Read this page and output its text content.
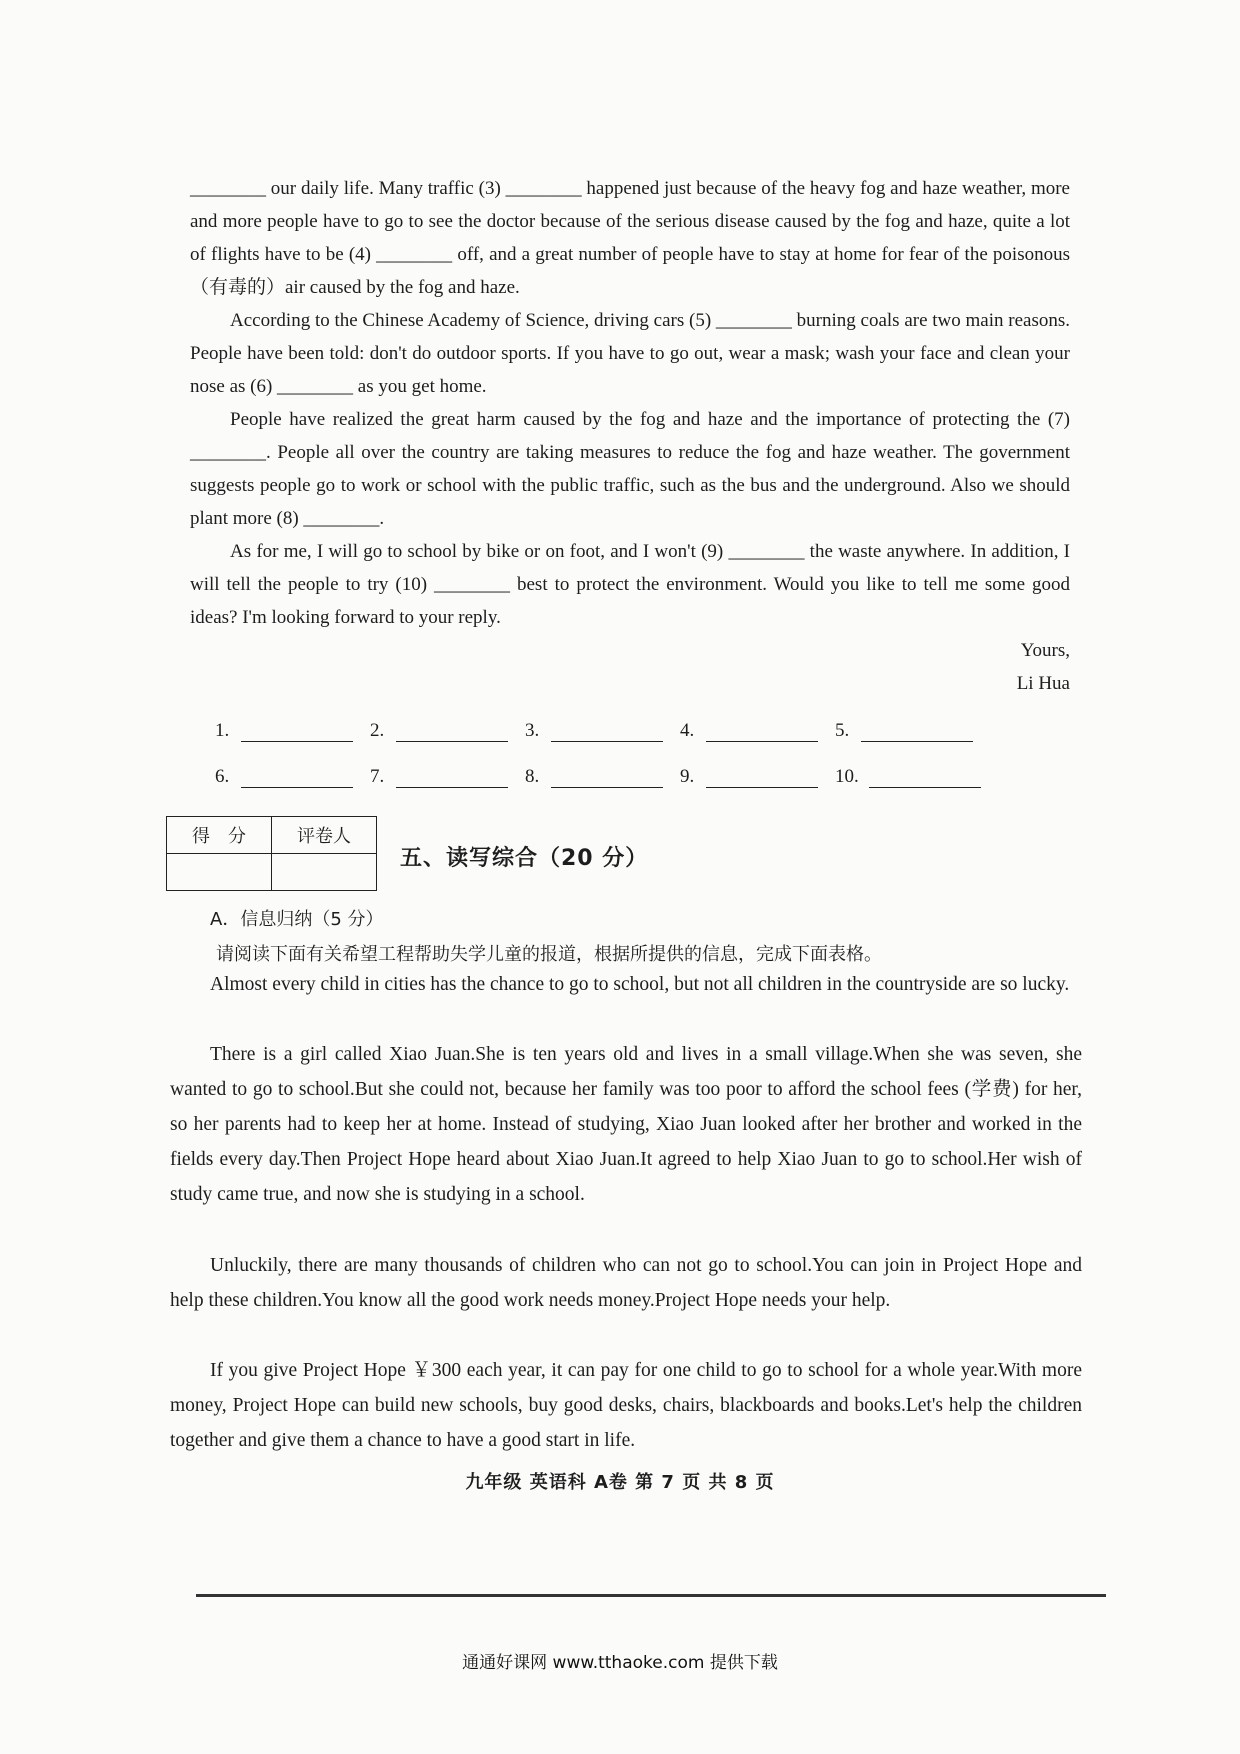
________ our daily life. Many traffic (3) ________ happened just because of the heavy fog and haze weather, more and more people have to go to see the doctor because of the serious disease caused by the fog and haze, quite a lot of flights have to be (4) ________ off, and a great number of people have to stay at home for fear of the poisonous（有毒的）air caused by the fog and haze.

According to the Chinese Academy of Science, driving cars (5) ________ burning coals are two main reasons. People have been told: don't do outdoor sports. If you have to go out, wear a mask; wash your face and clean your nose as (6) ________ as you get home.

People have realized the great harm caused by the fog and haze and the importance of protecting the (7) ________. People all over the country are taking measures to reduce the fog and haze weather. The government suggests people go to work or school with the public traffic, such as the bus and the underground. Also we should plant more (8) ________.

As for me, I will go to school by bike or on foot, and I won't (9) ________ the waste anywhere. In addition, I will tell the people to try (10) ________ best to protect the environment. Would you like to tell me some good ideas? I'm looking forward to your reply.

Yours,
Li Hua
1.	2.	3.	4.	5.
6.	7.	8.	9.	10.
得　分	评卷人

五、读写综合（20 分）
A．信息归纳（5 分）
请阅读下面有关希望工程帮助失学儿童的报道，根据所提供的信息，完成下面表格。

Almost every child in cities has the chance to go to school, but not all children in the countryside are so lucky.

There is a girl called Xiao Juan.She is ten years old and lives in a small village.When she was seven, she wanted to go to school.But she could not, because her family was too poor to afford the school fees (学费) for her, so her parents had to keep her at home. Instead of studying, Xiao Juan looked after her brother and worked in the fields every day.Then Project Hope heard about Xiao Juan.It agreed to help Xiao Juan to go to school.Her wish of study came true, and now she is studying in a school.

Unluckily, there are many thousands of children who can not go to school.You can join in Project Hope and help these children.You know all the good work needs money.Project Hope needs your help.

If you give Project Hope ￥300 each year, it can pay for one child to go to school for a whole year.With more money, Project Hope can build new schools, buy good desks, chairs, blackboards and books.Let's help the children together and give them a chance to have a good start in life.

九年级 英语科 A卷 第 7 页 共 8 页
通通好课网 www.tthaoke.com 提供下载
